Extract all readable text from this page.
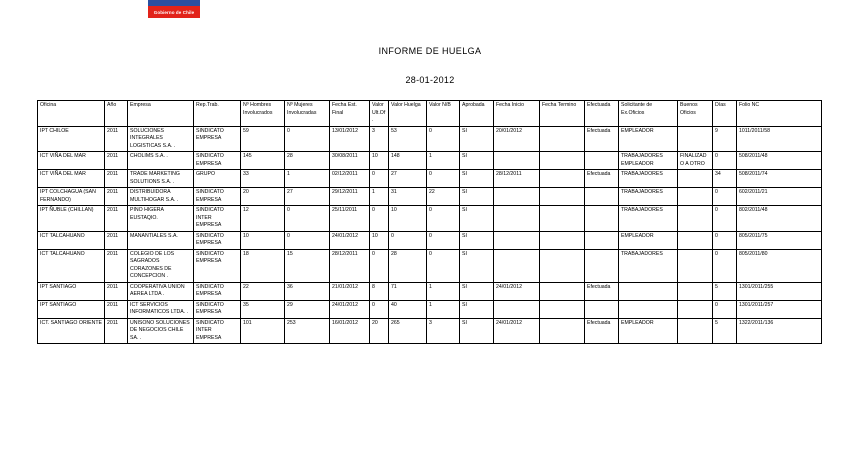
Gobierno de Chile
INFORME DE HUELGA
28-01-2012
Oficina	Año	Empresa	Rep.Trab.	Nº Hombres Involucrados	Nº Mujeres Involucradas	Fecha Est. Final	Valor Ult.Of.	Valor Huelga	Valor N/B	Aprobada	Fecha Inicio	Fecha Termino	Efectuada	Solicitante de Ex.Oficios	Buenos Oficios	Días	Folio NC
IPT CHILOE	2011	SOLUCIONES INTEGRALES LOGISTICAS S.A. .	SINDICATO EMPRESA	59	0	13/01/2012	3	53	0	SI	20/01/2012		Efectuada	EMPLEADOR		9	1011/2011/58
ICT VIÑA DEL MAR	2011	CHOLIMS S.A. .	SINDICATO EMPRESA	145	28	30/08/2011	10	148	1	SI				TRABAJADORES EMPLEADOR	FINALIZADO A OTRO	0	508/2011/48
ICT VIÑA DEL MAR	2011	TRADE MARKETING SOLUTIONS S.A. .	GRUPO	33	1	02/12/2011	0	27	0	SI	28/12/2011		Efectuada	TRABAJADORES		34	508/2011/74
IPT COLCHAGUA (SAN FERNANDO)	2011	DISTRIBUIDORA MULTIHOGAR S.A. .	SINDICATO EMPRESA	20	27	29/12/2011	1	31	22	SI				TRABAJADORES		0	602/2011/21
IPT ÑUBLE (CHILLAN)	2011	PINO HIGERA EUSTAQIO.	SINDICATO INTER EMPRESA	12	0	25/11/2011	0	10	0	SI				TRABAJADORES		0	802/2011/48
ICT TALCAHUANO	2011	MANANTIALES S.A.	SINDICATO EMPRESA	10	0	24/01/2012	10	0	0	SI				EMPLEADOR		0	805/2011/75
ICT TALCAHUANO	2011	COLEGIO DE LOS SAGRADOS CORAZONES DE CONCEPCION .	SINDICATO EMPRESA	18	15	28/12/2011	0	28	0	SI				TRABAJADORES		0	805/2011/80
IPT SANTIAGO	2011	COOPERATIVA UNION AEREA LTDA .	SINDICATO EMPRESA	22	36	21/01/2012	8	71	1	SI	24/01/2012		Efectuada			5	1301/2011/255
IPT SANTIAGO	2011	ICT SERVICIOS INFORMATICOS LTDA. .	SINDICATO EMPRESA	35	29	24/01/2012	0	40	1	SI						0	1301/2011/257
ICT. SANTIAGO ORIENTE	2011	UNISONO SOLUCIONES DE NEGOCIOS CHILE SA. .	SINDICATO INTER EMPRESA	101	253	16/01/2012	20	265	3	SI	24/01/2012		Efectuada	EMPLEADOR		5	1322/2011/136
